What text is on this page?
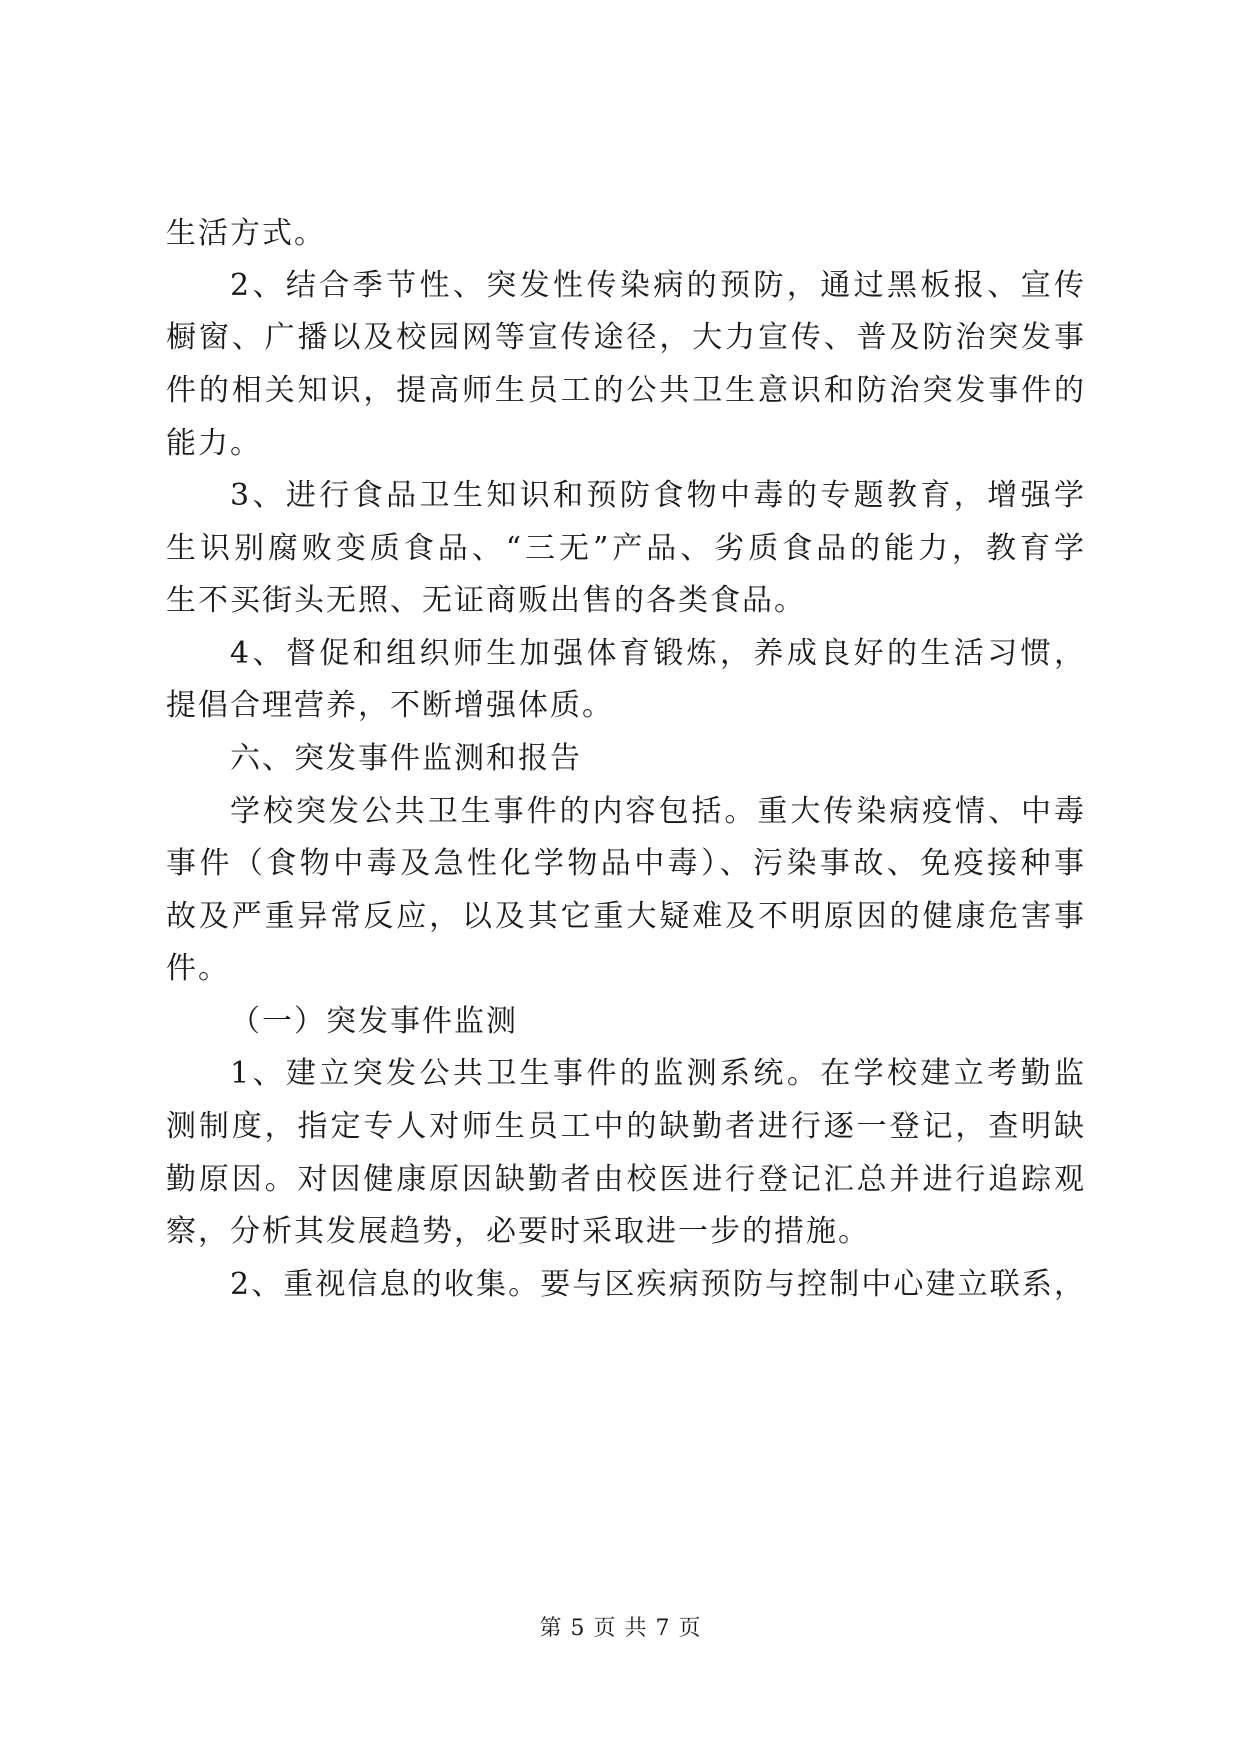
生活方式。
2、结合季节性、突发性传染病的预防，通过黑板报、宣传
橱窗、广播以及校园网等宣传途径，大力宣传、普及防治突发事
件的相关知识，提高师生员工的公共卫生意识和防治突发事件的
能力。
3、进行食品卫生知识和预防食物中毒的专题教育，增强学
生识别腐败变质食品、“三无”产品、劣质食品的能力，教育学
生不买街头无照、无证商贩出售的各类食品。
4、督促和组织师生加强体育锻炼，养成良好的生活习惯，
提倡合理营养，不断增强体质。
六、突发事件监测和报告
学校突发公共卫生事件的内容包括。重大传染病疫情、中毒
事件（食物中毒及急性化学物品中毒）、污染事故、免疫接种事
故及严重异常反应，以及其它重大疑难及不明原因的健康危害事
件。
（一）突发事件监测
1、建立突发公共卫生事件的监测系统。在学校建立考勤监
测制度，指定专人对师生员工中的缺勤者进行逐一登记，查明缺
勤原因。对因健康原因缺勤者由校医进行登记汇总并进行追踪观
察，分析其发展趋势，必要时采取进一步的措施。
2、重视信息的收集。要与区疾病预防与控制中心建立联系，
第 5 页 共 7 页
